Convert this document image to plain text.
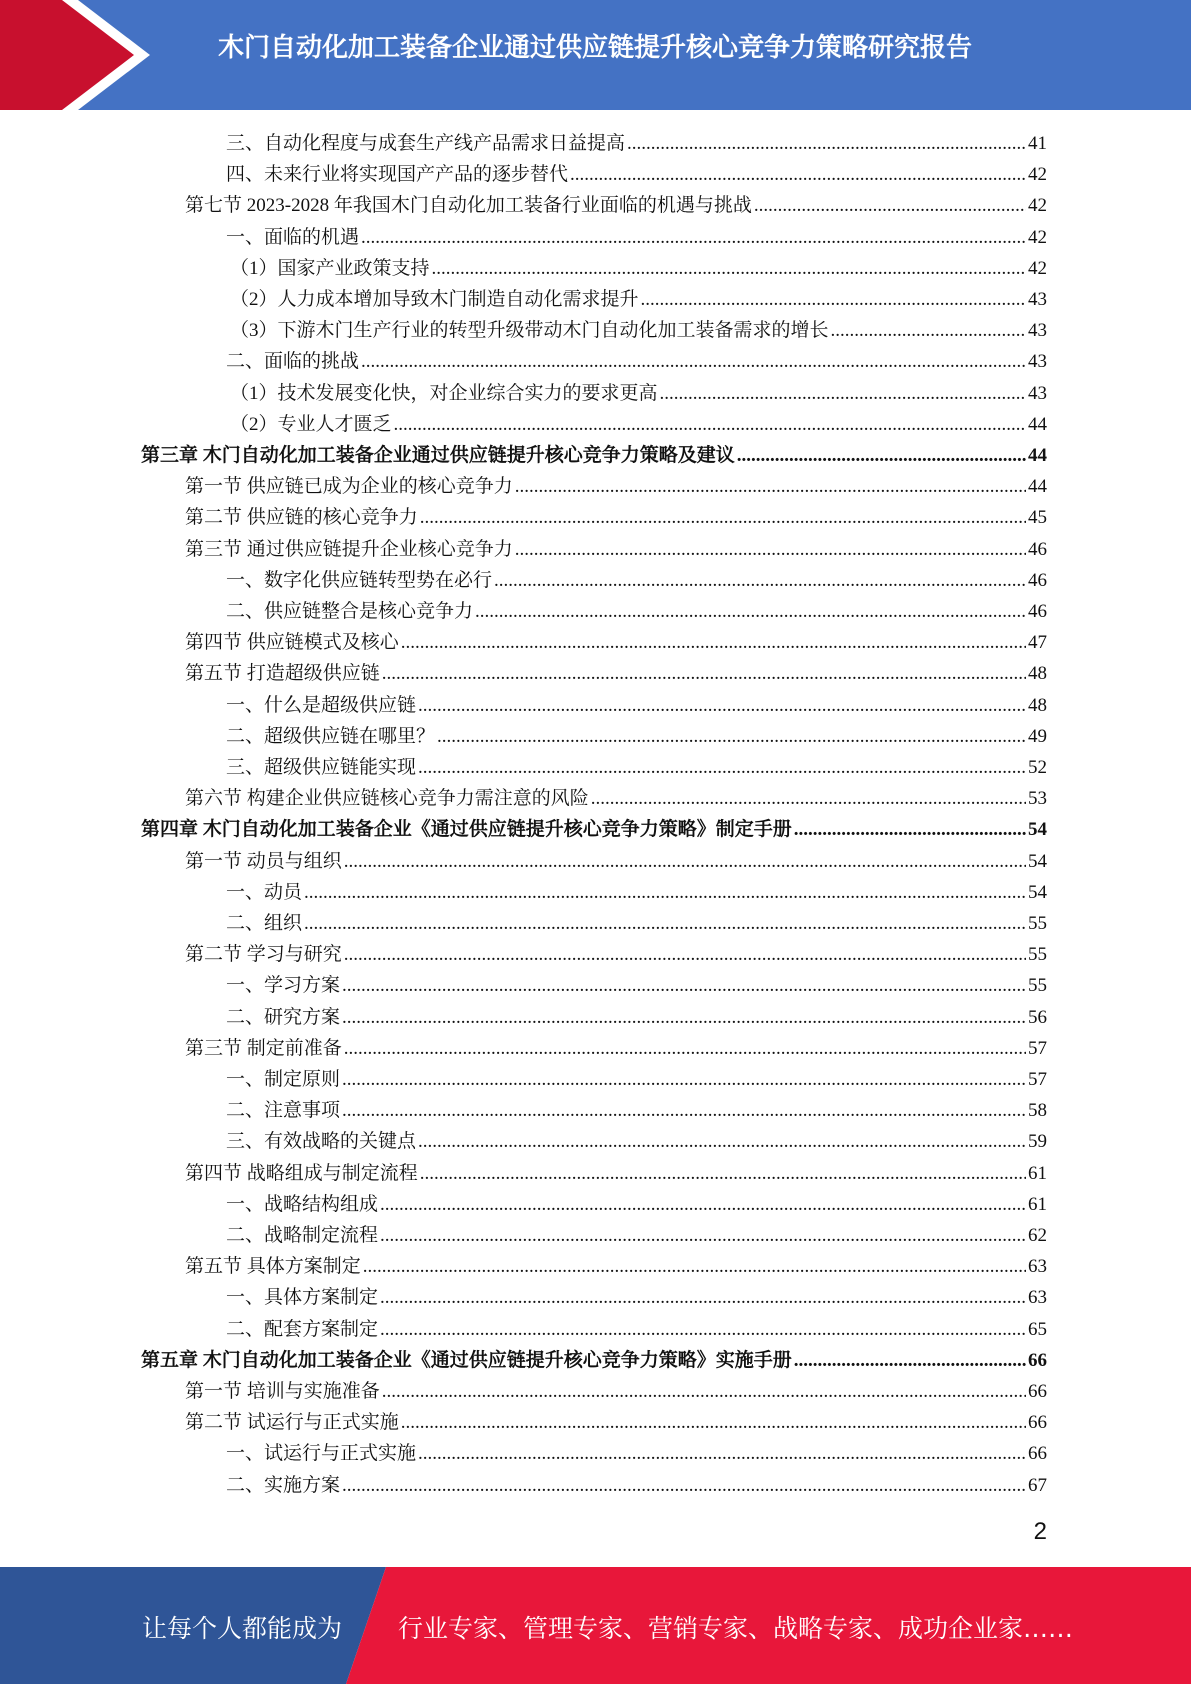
木门自动化加工装备企业通过供应链提升核心竞争力策略研究报告
三、自动化程度与成套生产线产品需求日益提高 .....	41
四、未来行业将实现国产产品的逐步替代 .....	42
第七节 2023-2028 年我国木门自动化加工装备行业面临的机遇与挑战 .....	42
一、面临的机遇 .....	42
（1）国家产业政策支持 .....	42
（2）人力成本增加导致木门制造自动化需求提升 .....	43
（3）下游木门生产行业的转型升级带动木门自动化加工装备需求的增长 .....	43
二、面临的挑战 .....	43
（1）技术发展变化快，对企业综合实力的要求更高 .....	43
（2）专业人才匮乏 .....	44
第三章 木门自动化加工装备企业通过供应链提升核心竞争力策略及建议 .....	44
第一节 供应链已成为企业的核心竞争力 .....	44
第二节 供应链的核心竞争力 .....	45
第三节 通过供应链提升企业核心竞争力 .....	46
一、数字化供应链转型势在必行 .....	46
二、供应链整合是核心竞争力 .....	46
第四节 供应链模式及核心 .....	47
第五节 打造超级供应链 .....	48
一、什么是超级供应链 .....	48
二、超级供应链在哪里？ .....	49
三、超级供应链能实现 .....	52
第六节 构建企业供应链核心竞争力需注意的风险 .....	53
第四章 木门自动化加工装备企业《通过供应链提升核心竞争力策略》制定手册 .....	54
第一节 动员与组织 .....	54
一、动员 .....	54
二、组织 .....	55
第二节 学习与研究 .....	55
一、学习方案 .....	55
二、研究方案 .....	56
第三节 制定前准备 .....	57
一、制定原则 .....	57
二、注意事项 .....	58
三、有效战略的关键点 .....	59
第四节 战略组成与制定流程 .....	61
一、战略结构组成 .....	61
二、战略制定流程 .....	62
第五节 具体方案制定 .....	63
一、具体方案制定 .....	63
二、配套方案制定 .....	65
第五章 木门自动化加工装备企业《通过供应链提升核心竞争力策略》实施手册 .....	66
第一节 培训与实施准备 .....	66
第二节 试运行与正式实施 .....	66
一、试运行与正式实施 .....	66
二、实施方案 .....	67
2
让每个人都能成为 行业专家、管理专家、营销专家、战略专家、成功企业家……
